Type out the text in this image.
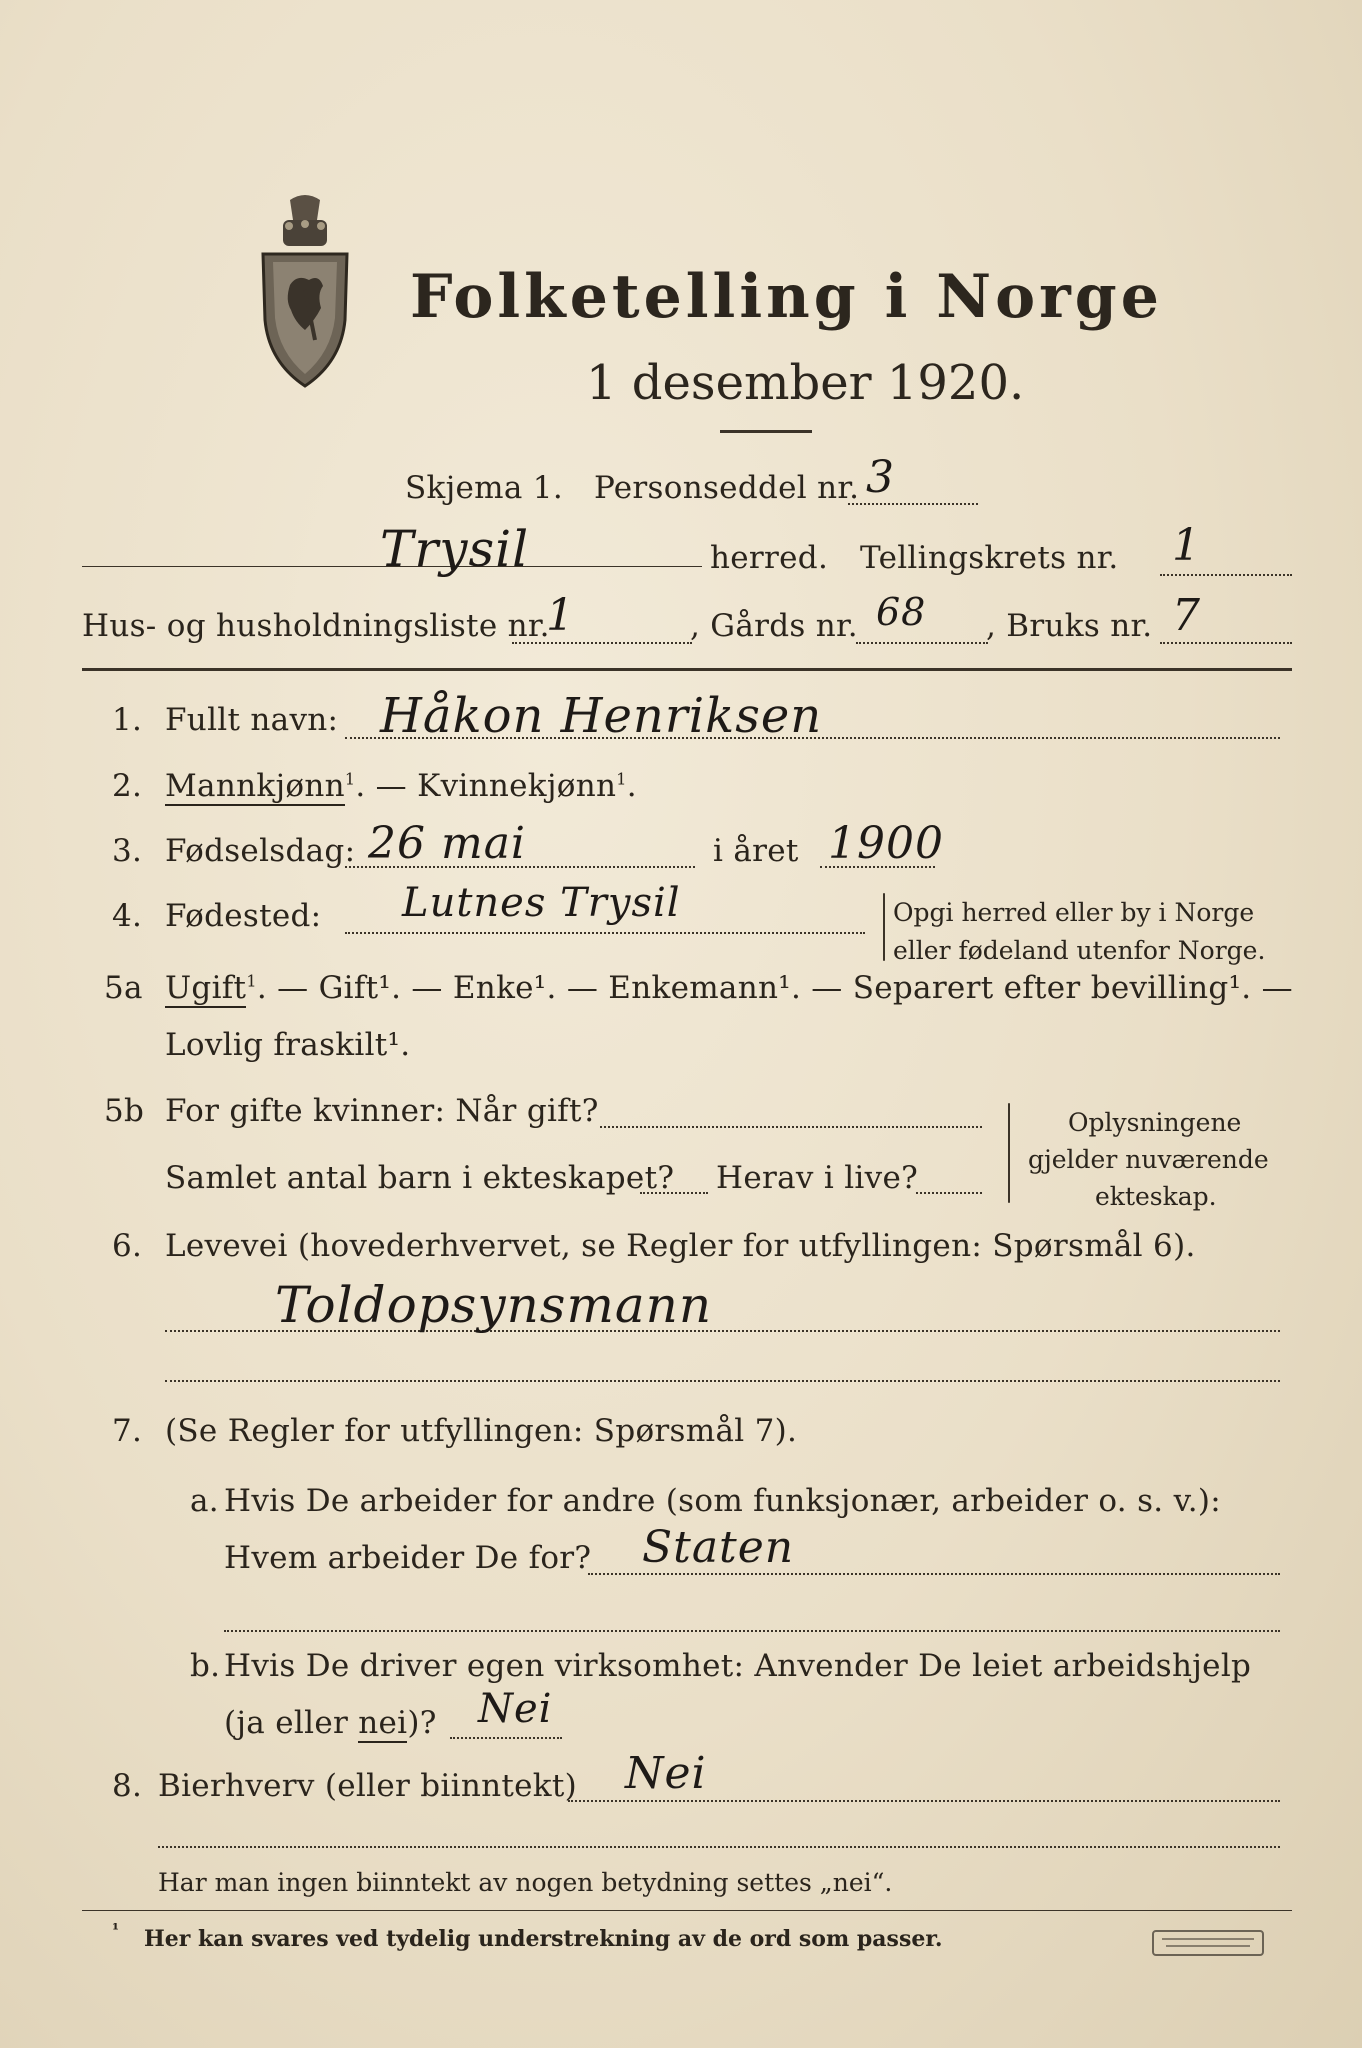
Folketelling i Norge
1 desember 1920.
Skjema 1. Personseddel nr. 3
Trysil	herred. Tellingskrets nr. 1
Hus- og husholdningsliste nr.
1	, Gårds nr. 68 , Bruks nr. 7
1. Fullt navn: Håkon Henriksen
2. Mannkjønn$^1$. — Kvinnekjønn$^1$.
3. Fødselsdag: 26 mai	i året 1900
4. Fødested: Lutnes Trysil	Opgi herred eller by i Norge
eller fødeland utenfor Norge.
5a Ugift$^1$. — Gift¹. — Enke¹. — Enkemann¹. — Separert efter bevilling¹. —
Lovlig fraskilt¹.
5b For gifte kvinner: Når gift?
Samlet antal barn i ekteskapet? Herav i live?
Oplysningene
gjelder nuværende
ekteskap.
6. Levevei (hovederhvervet, se Regler for utfyllingen: Spørsmål 6).
Toldopsynsmann
7. (Se Regler for utfyllingen: Spørsmål 7).
a. Hvis De arbeider for andre (som funksjonær, arbeider o. s. v.):
Hvem arbeider De for? Staten
b. Hvis De driver egen virksomhet: Anvender De leiet arbeidshjelp
(ja eller nei)? Nei
8. Bierhverv (eller biinntekt) Nei
Har man ingen biinntekt av nogen betydning settes „nei“.
¹ Her kan svares ved tydelig understrekning av de ord som passer.
